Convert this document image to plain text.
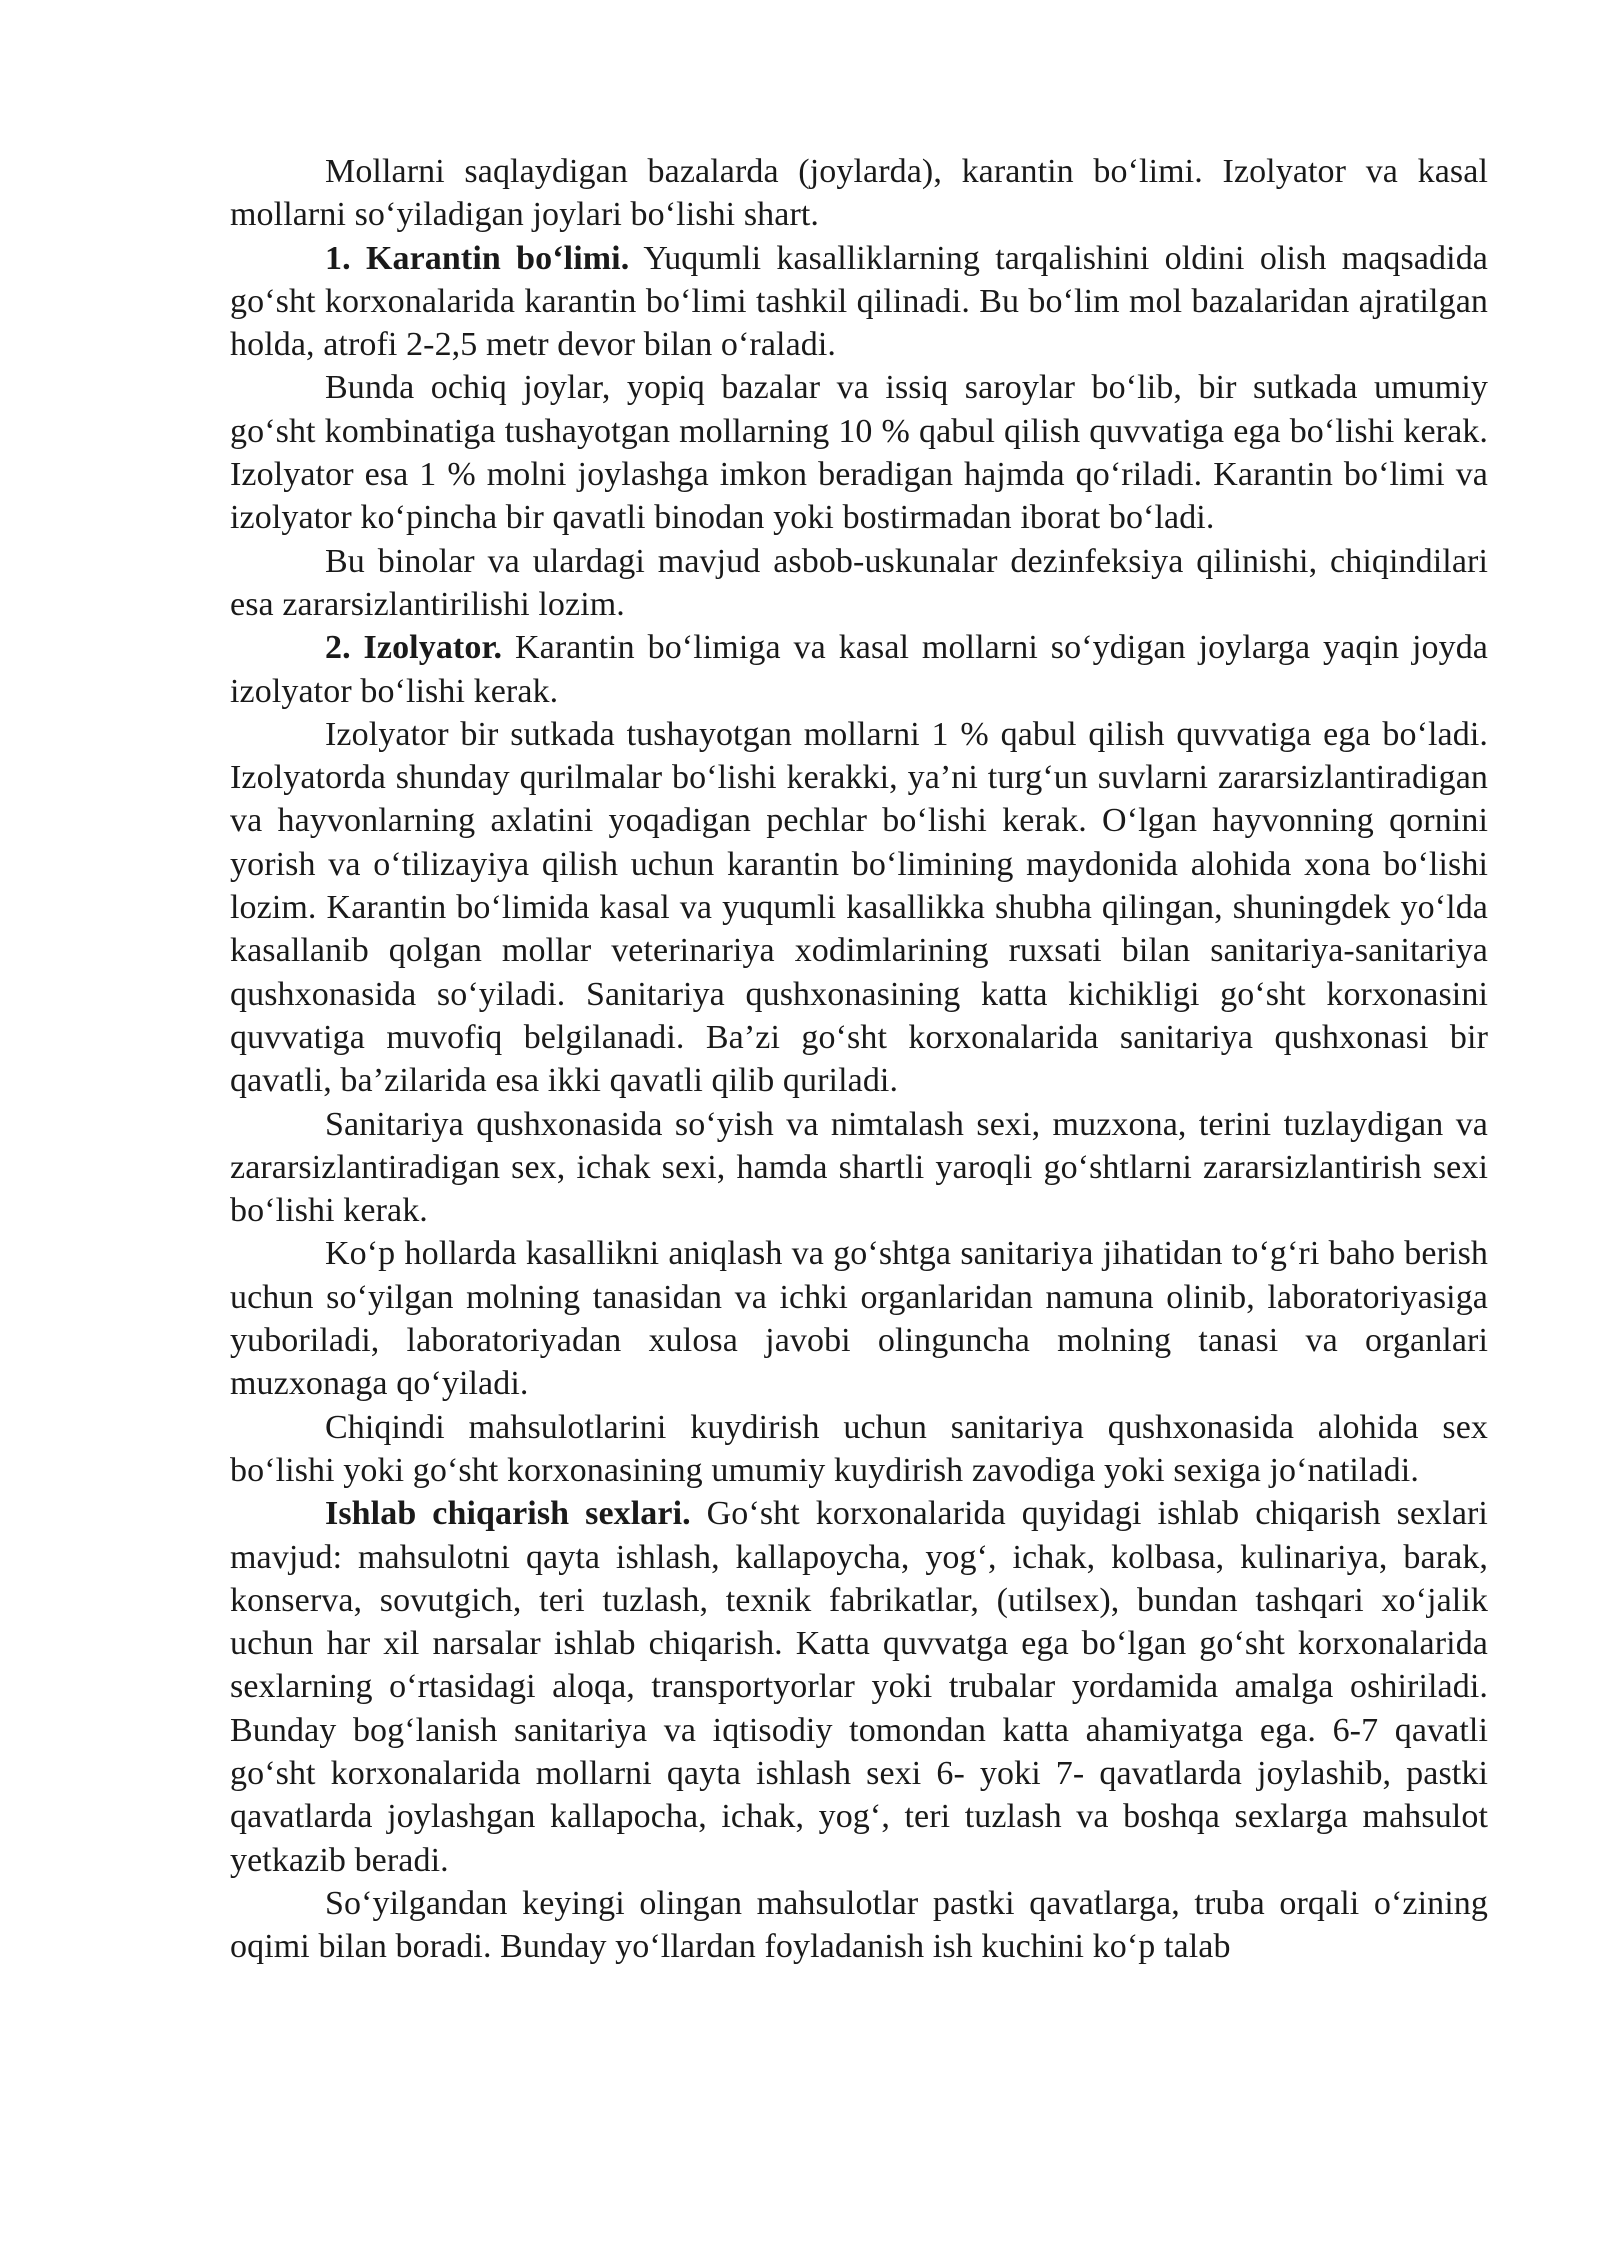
Mollarni saqlaydigan bazalarda (joylarda), karantin bo‘limi. Izolyator va kasal mollarni so‘yiladigan joylari bo‘lishi shart.

1. Karantin bo‘limi. Yuqumli kasalliklarning tarqalishini oldini olish maqsadida go‘sht korxonalarida karantin bo‘limi tashkil qilinadi. Bu bo‘lim mol bazalaridan ajratilgan holda, atrofi 2-2,5 metr devor bilan o‘raladi.

Bunda ochiq joylar, yopiq bazalar va issiq saroylar bo‘lib, bir sutkada umumiy go‘sht kombinatiga tushayotgan mollarning 10 % qabul qilish quvvatiga ega bo‘lishi kerak. Izolyator esa 1 % molni joylashga imkon beradigan hajmda qo‘riladi. Karantin bo‘limi va izolyator ko‘pincha bir qavatli binodan yoki bostirmadan iborat bo‘ladi.

Bu binolar va ulardagi mavjud asbob-uskunalar dezinfeksiya qilinishi, chiqindilari esa zararsizlantirilishi lozim.

2. Izolyator. Karantin bo‘limiga va kasal mollarni so‘ydigan joylarga yaqin joyda izolyator bo‘lishi kerak.

Izolyator bir sutkada tushayotgan mollarni 1 % qabul qilish quvvatiga ega bo‘ladi. Izolyatorda shunday qurilmalar bo‘lishi kerakki, ya’ni turg‘un suvlarni zararsizlantiradigan va hayvonlarning axlatini yoqadigan pechlar bo‘lishi kerak. O‘lgan hayvonning qornini yorish va o‘tilizayiya qilish uchun karantin bo‘limining maydonida alohida xona bo‘lishi lozim. Karantin bo‘limida kasal va yuqumli kasallikka shubha qilingan, shuningdek yo‘lda kasallanib qolgan mollar veterinariya xodimlarining ruxsati bilan sanitariya-sanitariya qushxonasida so‘yiladi. Sanitariya qushxonasining katta kichikligi go‘sht korxonasini quvvatiga muvofiq belgilanadi. Ba’zi go‘sht korxonalarida sanitariya qushxonasi bir qavatli, ba’zilarida esa ikki qavatli qilib quriladi.

Sanitariya qushxonasida so‘yish va nimtalash sexi, muzxona, terini tuzlaydigan va zararsizlantiradigan sex, ichak sexi, hamda shartli yaroqli go‘shtlarni zararsizlantirish sexi bo‘lishi kerak.

Ko‘p hollarda kasallikni aniqlash va go‘shtga sanitariya jihatidan to‘g‘ri baho berish uchun so‘yilgan molning tanasidan va ichki organlaridan namuna olinib, laboratoriyasiga yuboriladi, laboratoriyadan xulosa javobi olinguncha molning tanasi va organlari muzxonaga qo‘yiladi.

Chiqindi mahsulotlarini kuydirish uchun sanitariya qushxonasida alohida sex bo‘lishi yoki go‘sht korxonasining umumiy kuydirish zavodiga yoki sexiga jo‘natiladi.

Ishlab chiqarish sexlari. Go‘sht korxonalarida quyidagi ishlab chiqarish sexlari mavjud: mahsulotni qayta ishlash, kallapoycha, yog‘, ichak, kolbasa, kulinariya, barak, konserva, sovutgich, teri tuzlash, texnik fabrikatlar, (utilsex), bundan tashqari xo‘jalik uchun har xil narsalar ishlab chiqarish. Katta quvvatga ega bo‘lgan go‘sht korxonalarida sexlarning o‘rtasidagi aloqa, transportyorlar yoki trubalar yordamida amalga oshiriladi. Bunday bog‘lanish sanitariya va iqtisodiy tomondan katta ahamiyatga ega. 6-7 qavatli go‘sht korxonalarida mollarni qayta ishlash sexi 6- yoki 7- qavatlarda joylashib, pastki qavatlarda joylashgan kallapocha, ichak, yog‘, teri tuzlash va boshqa sexlarga mahsulot yetkazib beradi.

So‘yilgandan keyingi olingan mahsulotlar pastki qavatlarga, truba orqali o‘zining oqimi bilan boradi. Bunday yo‘llardan foyladanish ish kuchini ko‘p talab
